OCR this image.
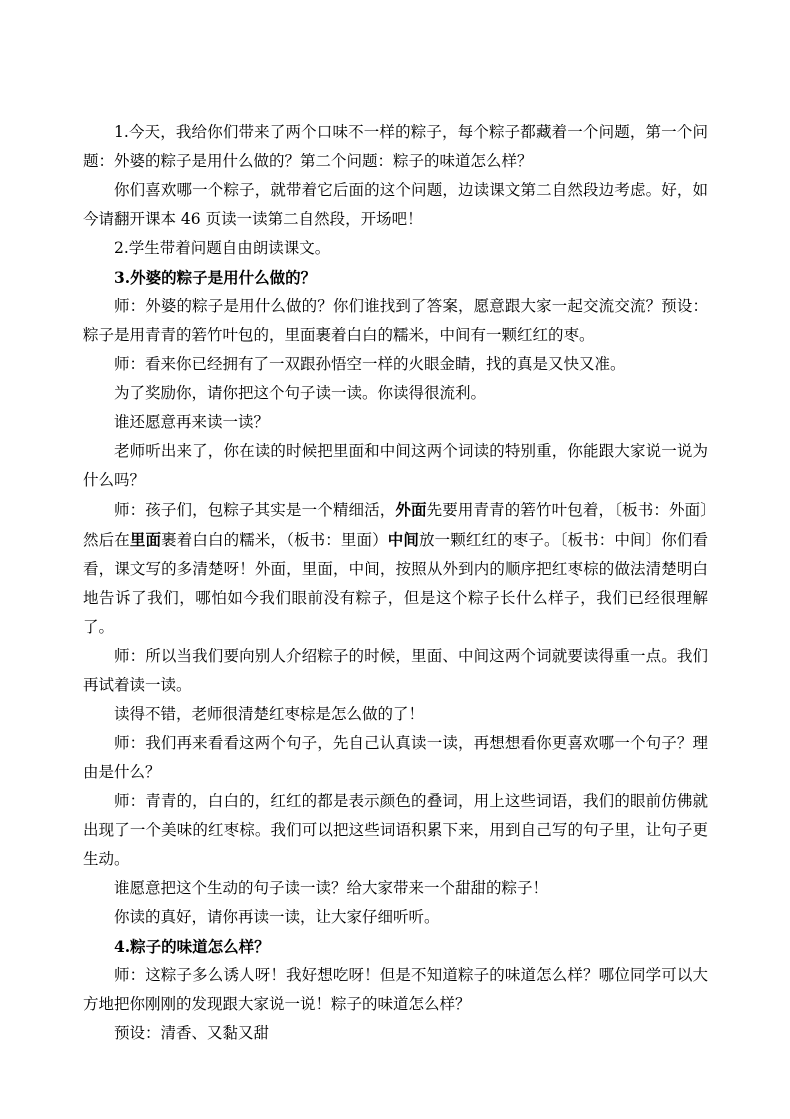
1.今天，我给你们带来了两个口味不一样的粽子，每个粽子都藏着一个问题，第一个问题：外婆的粽子是用什么做的？第二个问题：粽子的味道怎么样？

你们喜欢哪一个粽子，就带着它后面的这个问题，边读课文第二自然段边考虑。好，如今请翻开课本 46 页读一读第二自然段，开场吧！

2.学生带着问题自由朗读课文。

3.外婆的粽子是用什么做的？

师：外婆的粽子是用什么做的？你们谁找到了答案，愿意跟大家一起交流交流？预设：粽子是用青青的箬竹叶包的，里面裹着白白的糯米，中间有一颗红红的枣。

师：看来你已经拥有了一双跟孙悟空一样的火眼金睛，找的真是又快又准。

为了奖励你，请你把这个句子读一读。你读得很流利。

谁还愿意再来读一读？

老师听出来了，你在读的时候把里面和中间这两个词读的特别重，你能跟大家说一说为什么吗？

师：孩子们，包粽子其实是一个精细活，外面先要用青青的箬竹叶包着，〔板书：外面〕然后在里面裹着白白的糯米，（板书：里面）中间放一颗红红的枣子。〔板书：中间〕你们看看，课文写的多清楚呀！外面，里面，中间，按照从外到内的顺序把红枣棕的做法清楚明白地告诉了我们，哪怕如今我们眼前没有粽子，但是这个粽子长什么样子，我们已经很理解了。

师：所以当我们要向别人介绍粽子的时候，里面、中间这两个词就要读得重一点。我们再试着读一读。

读得不错，老师很清楚红枣棕是怎么做的了！

师：我们再来看看这两个句子，先自己认真读一读，再想想看你更喜欢哪一个句子？理由是什么？

师：青青的，白白的，红红的都是表示颜色的叠词，用上这些词语，我们的眼前仿佛就出现了一个美味的红枣棕。我们可以把这些词语积累下来，用到自己写的句子里，让句子更生动。

谁愿意把这个生动的句子读一读？给大家带来一个甜甜的粽子！

你读的真好，请你再读一读，让大家仔细听听。

4.粽子的味道怎么样？

师：这粽子多么诱人呀！我好想吃呀！但是不知道粽子的味道怎么样？哪位同学可以大方地把你刚刚的发现跟大家说一说！粽子的味道怎么样？

预设：清香、又黏又甜
